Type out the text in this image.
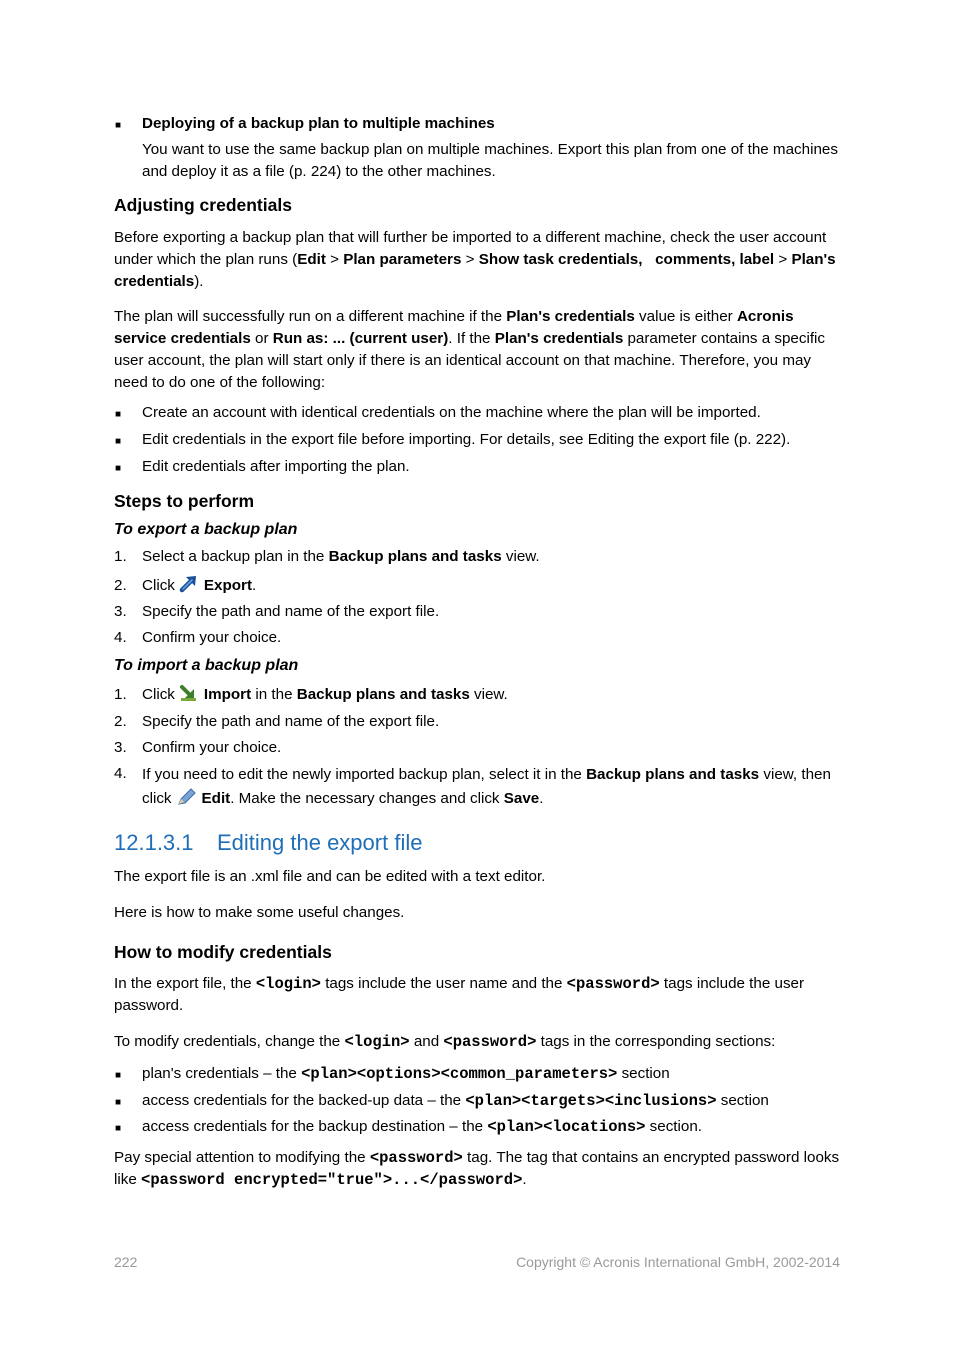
■ Deploying of a backup plan to multiple machines

You want to use the same backup plan on multiple machines. Export this plan from one of the machines and deploy it as a file (p. 224) to the other machines.

Adjusting credentials

Before exporting a backup plan that will further be imported to a different machine, check the user account under which the plan runs (Edit > Plan parameters > Show task credentials,   comments, label > Plan's credentials).

The plan will successfully run on a different machine if the Plan's credentials value is either Acronis service credentials or Run as: ... (current user). If the Plan's credentials parameter contains a specific user account, the plan will start only if there is an identical account on that machine. Therefore, you may need to do one of the following:

■ Create an account with identical credentials on the machine where the plan will be imported.

■ Edit credentials in the export file before importing. For details, see Editing the export file (p. 222).

■ Edit credentials after importing the plan.

Steps to perform
To export a backup plan
1. Select a backup plan in the Backup plans and tasks view.

2. Click Export.

3. Specify the path and name of the export file.

4. Confirm your choice.

To import a backup plan
1. Click Import in the Backup plans and tasks view.

2. Specify the path and name of the export file.

3. Confirm your choice.

4. If you need to edit the newly imported backup plan, select it in the Backup plans and tasks view, then click Edit. Make the necessary changes and click Save.

12.1.3.1 Editing the export file

The export file is an .xml file and can be edited with a text editor.

Here is how to make some useful changes.

How to modify credentials

In the export file, the <login> tags include the user name and the <password> tags include the user password.

To modify credentials, change the <login> and <password> tags in the corresponding sections:

■ plan's credentials – the <plan><options><common_parameters> section

■ access credentials for the backed-up data – the <plan><targets><inclusions> section

■ access credentials for the backup destination – the <plan><locations> section.

Pay special attention to modifying the <password> tag. The tag that contains an encrypted password looks like <password encrypted="true">...</password>.

222	Copyright © Acronis International GmbH, 2002-2014
